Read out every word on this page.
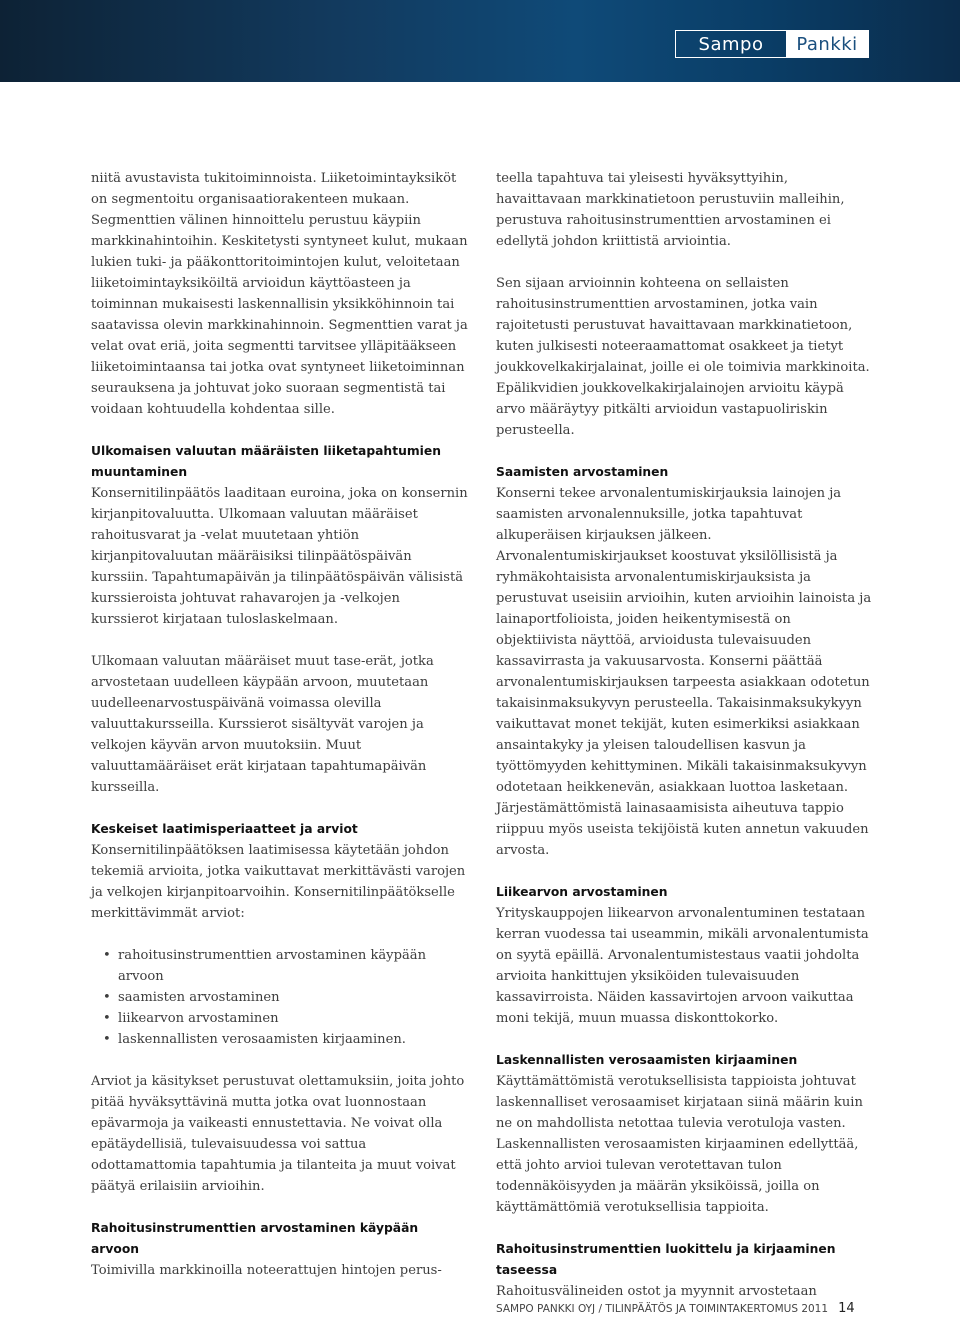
Sampo	Pankki

niitä avustavista tukitoiminnoista. Liiketoimintayksiköt on segmentoitu organisaatiorakenteen mukaan. Segmenttien välinen hinnoittelu perustuu käypiin markkinahintoihin. Keskitetysti syntyneet kulut, mukaan lukien tuki- ja pääkonttoritoimintojen kulut, veloitetaan liiketoimintayksiköiltä arvioidun käyttöasteen ja toiminnan mukaisesti laskennallisin yksikköhinnoin tai saatavissa olevin markkinahinnoin. Segmenttien varat ja velat ovat eriä, joita segmentti tarvitsee ylläpitääkseen liiketoimintaansa tai jotka ovat syntyneet liiketoiminnan seurauksena ja johtuvat joko suoraan segmentistä tai voidaan kohtuudella kohdentaa sille.

Ulkomaisen valuutan määräisten liiketapahtumien muuntaminen

Konsernitilinpäätös laaditaan euroina, joka on konsernin kirjanpitovaluutta. Ulkomaan valuutan määräiset rahoitusvarat ja -velat muutetaan yhtiön kirjanpitovaluutan määräisiksi tilinpäätöspäivän kurssiin. Tapahtumapäivän ja tilinpäätöspäivän välisistä kurssieroista johtuvat rahavarojen ja -velkojen kurssierot kirjataan tuloslaskelmaan.

Ulkomaan valuutan määräiset muut tase-erät, jotka arvostetaan uudelleen käypään arvoon, muutetaan uudelleenarvostuspäivänä voimassa olevilla valuuttakursseilla. Kurssierot sisältyvät varojen ja velkojen käyvän arvon muutoksiin. Muut valuuttamääräiset erät kirjataan tapahtumapäivän kursseilla.

Keskeiset laatimisperiaatteet ja arviot

Konsernitilinpäätöksen laatimisessa käytetään johdon tekemiä arvioita, jotka vaikuttavat merkittävästi varojen ja velkojen kirjanpitoarvoihin. Konsernitilinpäätökselle merkittävimmät arviot:

• rahoitusinstrumenttien arvostaminen käypään arvoon
• saamisten arvostaminen
• liikearvon arvostaminen
• laskennallisten verosaamisten kirjaaminen.

Arviot ja käsitykset perustuvat olettamuksiin, joita johto pitää hyväksyttävinä mutta jotka ovat luonnostaan epävarmoja ja vaikeasti ennustettavia. Ne voivat olla epätäydellisiä, tulevaisuudessa voi sattua odottamattomia tapahtumia ja tilanteita ja muut voivat päätyä erilaisiin arvioihin.

Rahoitusinstrumenttien arvostaminen käypään arvoon

Toimivilla markkinoilla noteerattujen hintojen perus-

teella tapahtuva tai yleisesti hyväksyttyihin, havaittavaan markkinatietoon perustuviin malleihin, perustuva rahoitusinstrumenttien arvostaminen ei edellytä johdon kriittistä arviointia.

Sen sijaan arvioinnin kohteena on sellaisten rahoitusinstrumenttien arvostaminen, jotka vain rajoitetusti perustuvat havaittavaan markkinatietoon, kuten julkisesti noteeraamattomat osakkeet ja tietyt joukkovelkakirjalainat, joille ei ole toimivia markkinoita. Epälikvidien joukkovelkakirjalainojen arvioitu käypä arvo määräytyy pitkälti arvioidun vastapuoliriskin perusteella.

Saamisten arvostaminen

Konserni tekee arvonalentumiskirjauksia lainojen ja saamisten arvonalennuksille, jotka tapahtuvat alkuperäisen kirjauksen jälkeen. Arvonalentumiskirjaukset koostuvat yksilöllisistä ja ryhmäkohtaisista arvonalentumiskirjauksista ja perustuvat useisiin arvioihin, kuten arvioihin lainoista ja lainaportfolioista, joiden heikentymisestä on objektiivista näyttöä, arvioidusta tulevaisuuden kassavirrasta ja vakuusarvosta. Konserni päättää arvonalentumiskirjauksen tarpeesta asiakkaan odotetun takaisinmaksukyvyn perusteella. Takaisinmaksukykyyn vaikuttavat monet tekijät, kuten esimerkiksi asiakkaan ansaintakyky ja yleisen taloudellisen kasvun ja työttömyyden kehittyminen. Mikäli takaisinmaksukyvyn odotetaan heikkenevän, asiakkaan luottoa lasketaan. Järjestämättömistä lainasaamisista aiheutuva tappio riippuu myös useista tekijöistä kuten annetun vakuuden arvosta.

Liikearvon arvostaminen

Yrityskauppojen liikearvon arvonalentuminen testataan kerran vuodessa tai useammin, mikäli arvonalentumista on syytä epäillä. Arvonalentumistestaus vaatii johdolta arvioita hankittujen yksiköiden tulevaisuuden kassavirroista. Näiden kassavirtojen arvoon vaikuttaa moni tekijä, muun muassa diskonttokorko.

Laskennallisten verosaamisten kirjaaminen

Käyttämättömistä verotuksellisista tappioista johtuvat laskennalliset verosaamiset kirjataan siinä määrin kuin ne on mahdollista netottaa tulevia verotuloja vasten. Laskennallisten verosaamisten kirjaaminen edellyttää, että johto arvioi tulevan verotettavan tulon todennäköisyyden ja määrän yksiköissä, joilla on käyttämättömiä verotuksellisia tappioita.

Rahoitusinstrumenttien luokittelu ja kirjaaminen taseessa

Rahoitusvälineiden ostot ja myynnit arvostetaan

SAMPO PANKKI OYJ / TILINPÄÄTÖS JA TOIMINTAKERTOMUS 2011 14
